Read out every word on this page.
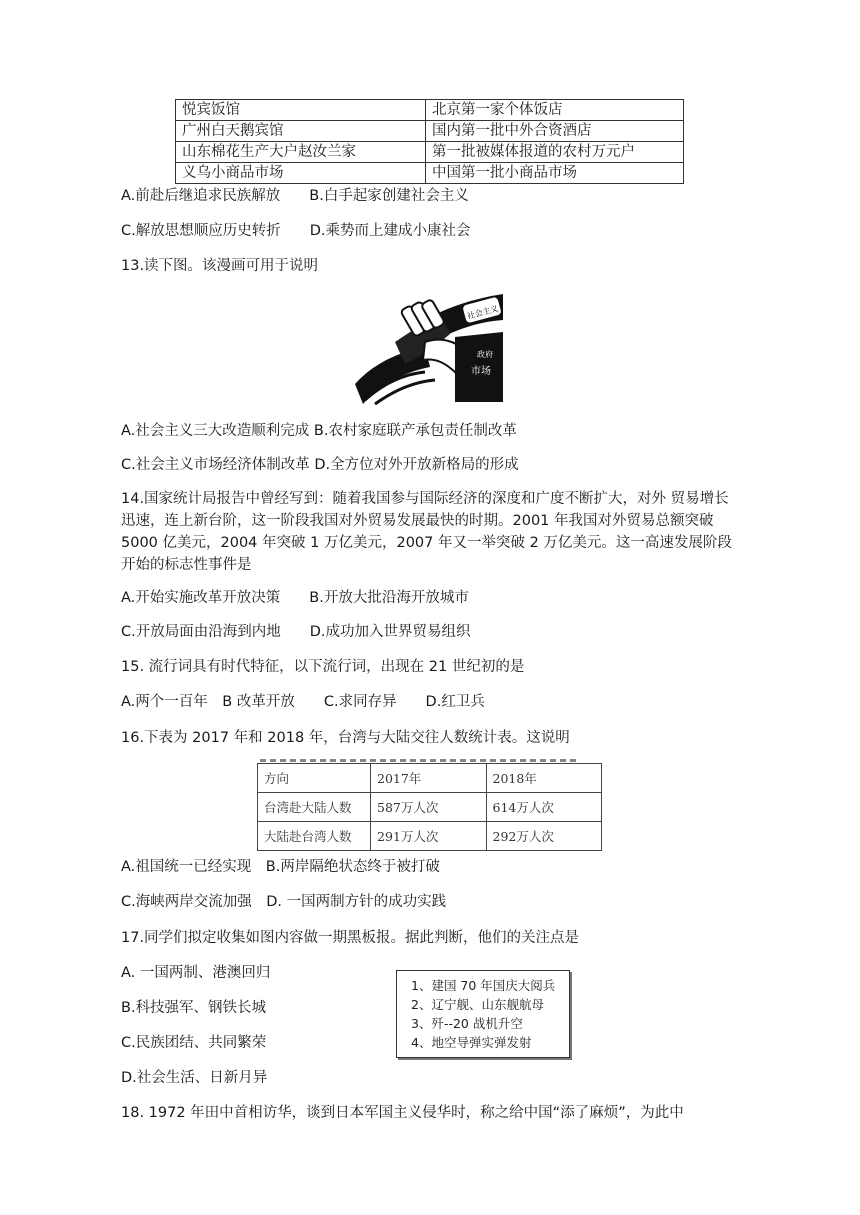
悦宾饭馆	北京第一家个体饭店
广州白天鹅宾馆	国内第一批中外合资酒店
山东棉花生产大户赵汝兰家	第一批被媒体报道的农村万元户
义乌小商品市场	中国第一批小商品市场
A.前赴后继追求民族解放　　B.白手起家创建社会主义
C.解放思想顺应历史转折　　D.乘势而上建成小康社会
13.读下图。该漫画可用于说明
社会主义
政府
市场
A.社会主义三大改造顺利完成 B.农村家庭联产承包责任制改革
C.社会主义市场经济体制改革 D.全方位对外开放新格局的形成
14.国家统计局报告中曾经写到：随着我国参与国际经济的深度和广度不断扩大，对外 贸易增长迅速，连上新台阶，这一阶段我国对外贸易发展最快的时期。2001 年我国对外贸易总额突破 5000 亿美元，2004 年突破 1 万亿美元，2007 年又一举突破 2 万亿美元。这一高速发展阶段开始的标志性事件是
A.开始实施改革开放决策　　B.开放大批沿海开放城市
C.开放局面由沿海到内地　　D.成功加入世界贸易组织
15. 流行词具有时代特征，以下流行词，出现在 21 世纪初的是
A.两个一百年　B 改革开放　　C.求同存异　　D.红卫兵
16.下表为 2017 年和 2018 年，台湾与大陆交往人数统计表。这说明
方向	2017年	2018年
台湾赴大陆人数	587万人次	614万人次
大陆赴台湾人数	291万人次	292万人次
A.祖国统一已经实现　B.两岸隔绝状态终于被打破
C.海峡两岸交流加强　D. 一国两制方针的成功实践
17.同学们拟定收集如图内容做一期黑板报。据此判断，他们的关注点是
A. 一国两制、港澳回归
B.科技强军、钢铁长城
C.民族团结、共同繁荣
D.社会生活、日新月异
1、建国 70 年国庆大阅兵
2、辽宁舰、山东舰航母
3、歼--20 战机升空
4、地空导弹实弹发射
18. 1972 年田中首相访华，谈到日本军国主义侵华时，称之给中国“添了麻烦”，为此中
